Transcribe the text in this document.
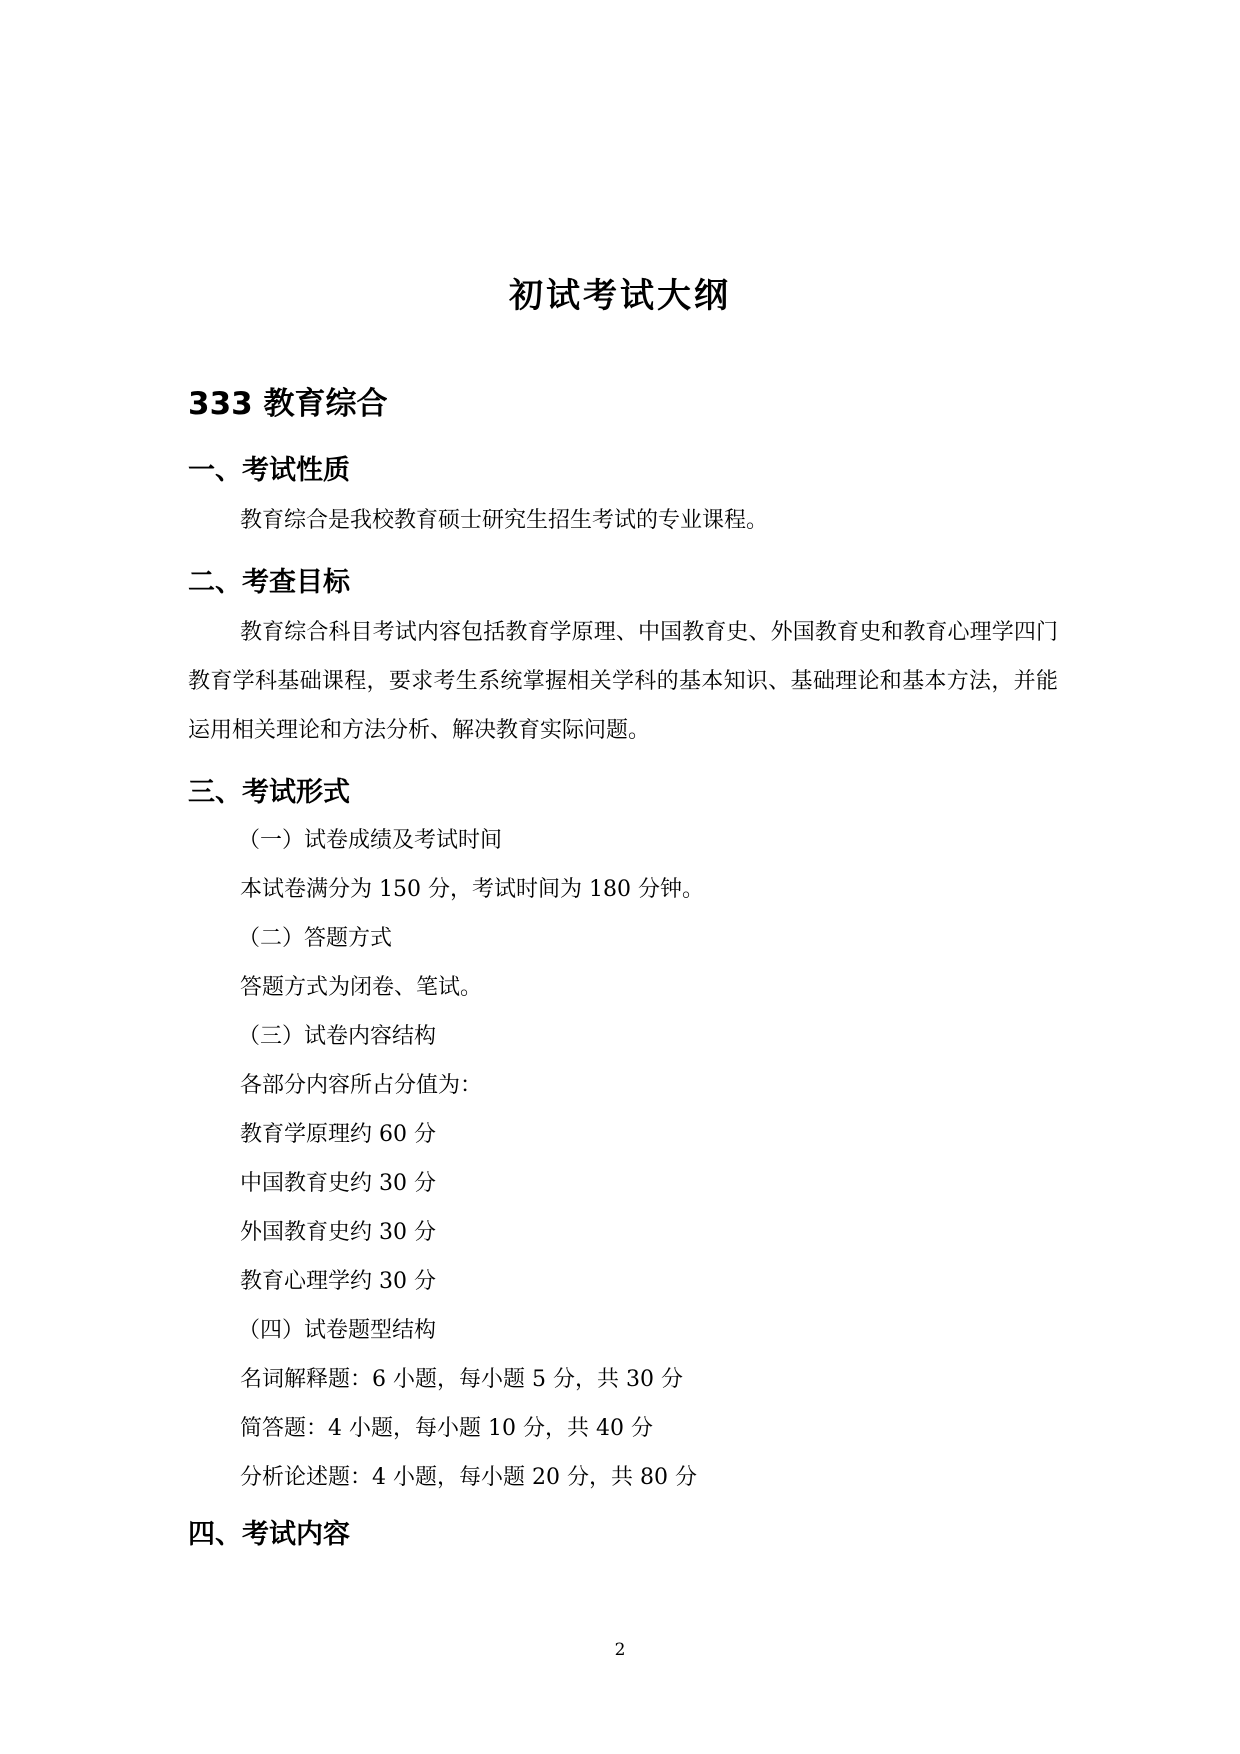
初试考试大纲
333 教育综合
一、考试性质
教育综合是我校教育硕士研究生招生考试的专业课程。
二、考查目标
教育综合科目考试内容包括教育学原理、中国教育史、外国教育史和教育心理学四门教育学科基础课程，要求考生系统掌握相关学科的基本知识、基础理论和基本方法，并能运用相关理论和方法分析、解决教育实际问题。
三、考试形式
（一）试卷成绩及考试时间
本试卷满分为 150 分，考试时间为 180 分钟。
（二）答题方式
答题方式为闭卷、笔试。
（三）试卷内容结构
各部分内容所占分值为：
教育学原理约 60 分
中国教育史约 30 分
外国教育史约 30 分
教育心理学约 30 分
（四）试卷题型结构
名词解释题：6 小题，每小题 5 分，共 30 分
简答题：4 小题，每小题 10 分，共 40 分
分析论述题：4 小题，每小题 20 分，共 80 分
四、考试内容
2
